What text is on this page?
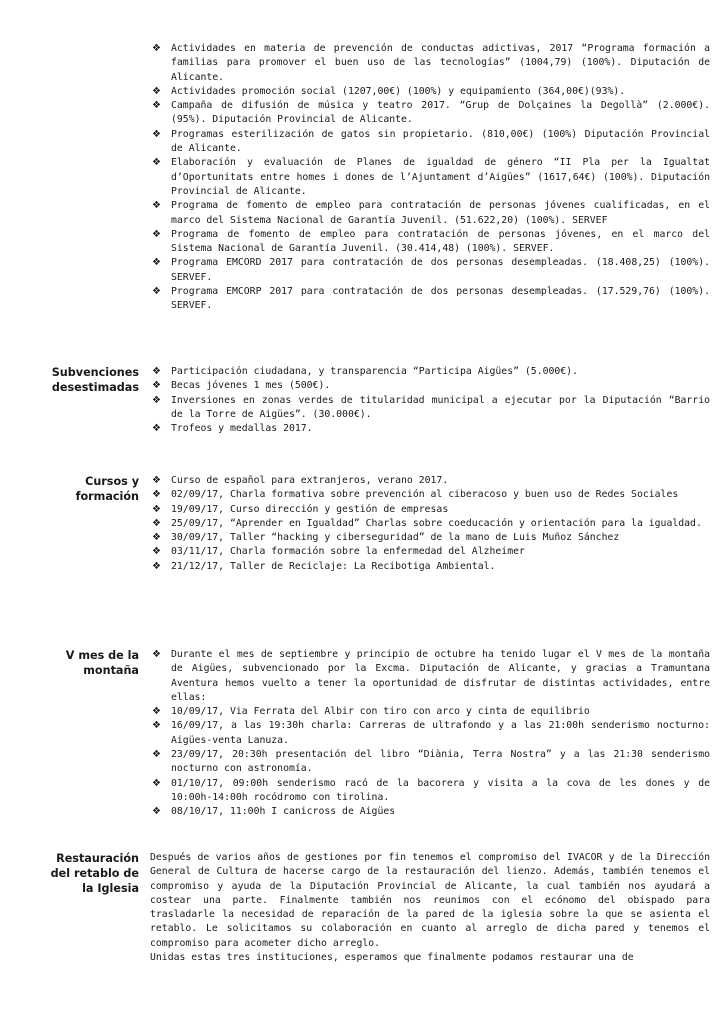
❖ Actividades en materia de prevención de conductas adictivas, 2017 “Programa formación a familias para promover el buen uso de las tecnologías” (1004,79) (100%). Diputación de Alicante.
❖ Actividades promoción social (1207,00€) (100%) y equipamiento (364,00€)(93%).
❖ Campaña de difusión de música y teatro 2017. “Grup de Dolçaines la Degollà” (2.000€). (95%). Diputación Provincial de Alicante.
❖ Programas esterilización de gatos sin propietario. (810,00€) (100%) Diputación Provincial de Alicante.
❖ Elaboración y evaluación de Planes de igualdad de género “II Pla per la Igualtat d’Oportunitats entre homes i dones de l’Ajuntament d’Aigües” (1617,64€) (100%). Diputación Provincial de Alicante.
❖ Programa de fomento de empleo para contratación de personas jóvenes cualificadas, en el marco del Sistema Nacional de Garantía Juvenil. (51.622,20) (100%). SERVEF
❖ Programa de fomento de empleo para contratación de personas jóvenes, en el marco del Sistema Nacional de Garantía Juvenil. (30.414,48) (100%). SERVEF.
❖ Programa EMCORD 2017 para contratación de dos personas desempleadas. (18.408,25) (100%). SERVEF.
❖ Programa EMCORP 2017 para contratación de dos personas desempleadas. (17.529,76) (100%). SERVEF.
Subvenciones
desestimadas
❖ Participación ciudadana, y transparencia “Participa Aigües” (5.000€).
❖ Becas jóvenes 1 mes (500€).
❖ Inversiones en zonas verdes de titularidad municipal a ejecutar por la Diputación “Barrio de la Torre de Aigües”. (30.000€).
❖ Trofeos y medallas 2017.
Cursos y
formación
❖ Curso de español para extranjeros, verano 2017.
❖ 02/09/17, Charla formativa sobre prevención al ciberacoso y buen uso de Redes Sociales
❖ 19/09/17, Curso dirección y gestión de empresas
❖ 25/09/17, “Aprender en Igualdad” Charlas sobre coeducación y orientación para la igualdad.
❖ 30/09/17, Taller “hacking y ciberseguridad” de la mano de Luis Muñoz Sánchez
❖ 03/11/17, Charla formación sobre la enfermedad del Alzheimer
❖ 21/12/17, Taller de Reciclaje: La Recibotiga Ambiental.
V mes de la
montaña
❖ Durante el mes de septiembre y principio de octubre ha tenido lugar el V mes de la montaña de Aigües, subvencionado por la Excma. Diputación de Alicante, y gracias a Tramuntana Aventura hemos vuelto a tener la oportunidad de disfrutar de distintas actividades, entre ellas:
❖ 10/09/17, Via Ferrata del Albir con tiro con arco y cinta de equilibrio
❖ 16/09/17, a las 19:30h charla: Carreras de ultrafondo y a las 21:00h senderismo nocturno: Aigües-venta Lanuza.
❖ 23/09/17, 20:30h presentación del libro “Diània, Terra Nostra” y a las 21:30 senderismo nocturno con astronomía.
❖ 01/10/17, 09:00h senderismo racó de la bacorera y visita a la cova de les dones y de 10:00h-14:00h rocódromo con tirolina.
❖ 08/10/17, 11:00h I canicross de Aigües
Restauración
del retablo de
la Iglesia

Después de varios años de gestiones por fin tenemos el compromiso del IVACOR y de la Dirección General de Cultura de hacerse cargo de la restauración del lienzo. Además, también tenemos el compromiso y ayuda de la Diputación Provincial de Alicante, la cual también nos ayudará a costear una parte. Finalmente también nos reunimos con el ecónomo del obispado para trasladarle la necesidad de reparación de la pared de la iglesia sobre la que se asienta el retablo. Le solicitamos su colaboración en cuanto al arreglo de dicha pared y tenemos el compromiso para acometer dicho arreglo.

Unidas estas tres instituciones, esperamos que finalmente podamos restaurar una de
